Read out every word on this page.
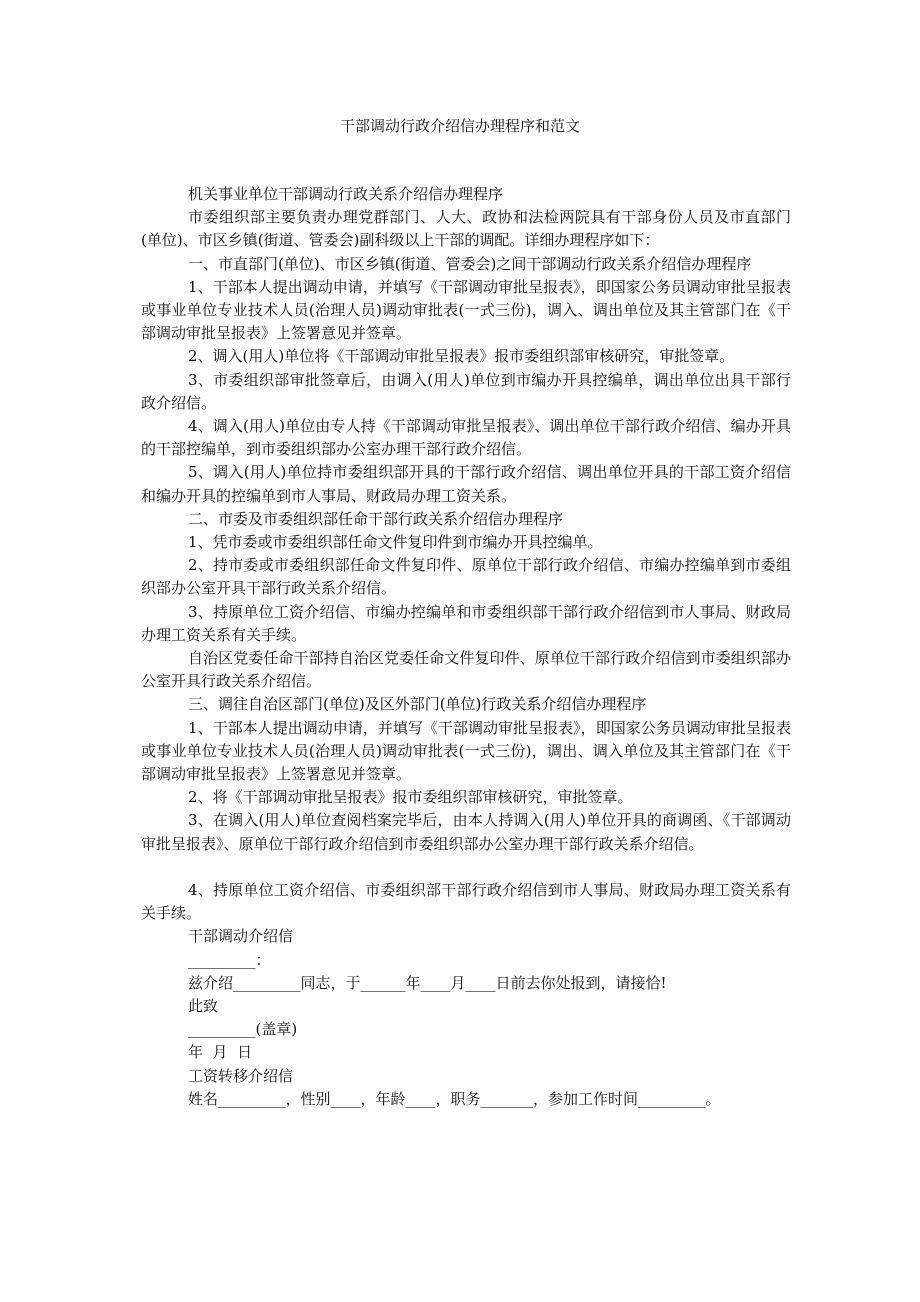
干部调动行政介绍信办理程序和范文

机关事业单位干部调动行政关系介绍信办理程序

市委组织部主要负责办理党群部门、人大、政协和法检两院具有干部身份人员及市直部门(单位)、市区乡镇(街道、管委会)副科级以上干部的调配。详细办理程序如下：

一、市直部门(单位)、市区乡镇(街道、管委会)之间干部调动行政关系介绍信办理程序

1、干部本人提出调动申请，并填写《干部调动审批呈报表》，即国家公务员调动审批呈报表或事业单位专业技术人员(治理人员)调动审批表(一式三份)，调入、调出单位及其主管部门在《干部调动审批呈报表》上签署意见并签章。

2、调入(用人)单位将《干部调动审批呈报表》报市委组织部审核研究，审批签章。

3、市委组织部审批签章后，由调入(用人)单位到市编办开具控编单，调出单位出具干部行政介绍信。

4、调入(用人)单位由专人持《干部调动审批呈报表》、调出单位干部行政介绍信、编办开具的干部控编单，到市委组织部办公室办理干部行政介绍信。

5、调入(用人)单位持市委组织部开具的干部行政介绍信、调出单位开具的干部工资介绍信和编办开具的控编单到市人事局、财政局办理工资关系。

二、市委及市委组织部任命干部行政关系介绍信办理程序

1、凭市委或市委组织部任命文件复印件到市编办开具控编单。

2、持市委或市委组织部任命文件复印件、原单位干部行政介绍信、市编办控编单到市委组织部办公室开具干部行政关系介绍信。

3、持原单位工资介绍信、市编办控编单和市委组织部干部行政介绍信到市人事局、财政局办理工资关系有关手续。

自治区党委任命干部持自治区党委任命文件复印件、原单位干部行政介绍信到市委组织部办公室开具行政关系介绍信。

三、调往自治区部门(单位)及区外部门(单位)行政关系介绍信办理程序

1、干部本人提出调动申请，并填写《干部调动审批呈报表》，即国家公务员调动审批呈报表或事业单位专业技术人员(治理人员)调动审批表(一式三份)，调出、调入单位及其主管部门在《干部调动审批呈报表》上签署意见并签章。

2、将《干部调动审批呈报表》报市委组织部审核研究，审批签章。

3、在调入(用人)单位查阅档案完毕后，由本人持调入(用人)单位开具的商调函、《干部调动审批呈报表》、原单位干部行政介绍信到市委组织部办公室办理干部行政关系介绍信。

4、持原单位工资介绍信、市委组织部干部行政介绍信到市人事局、财政局办理工资关系有关手续。

干部调动介绍信

_________：

兹介绍_________同志，于______年____月____日前去你处报到，请接恰!

此致

_________(盖章)

年  月  日

工资转移介绍信

姓名_________，性别____，年龄____，职务_______，参加工作时间_________。
